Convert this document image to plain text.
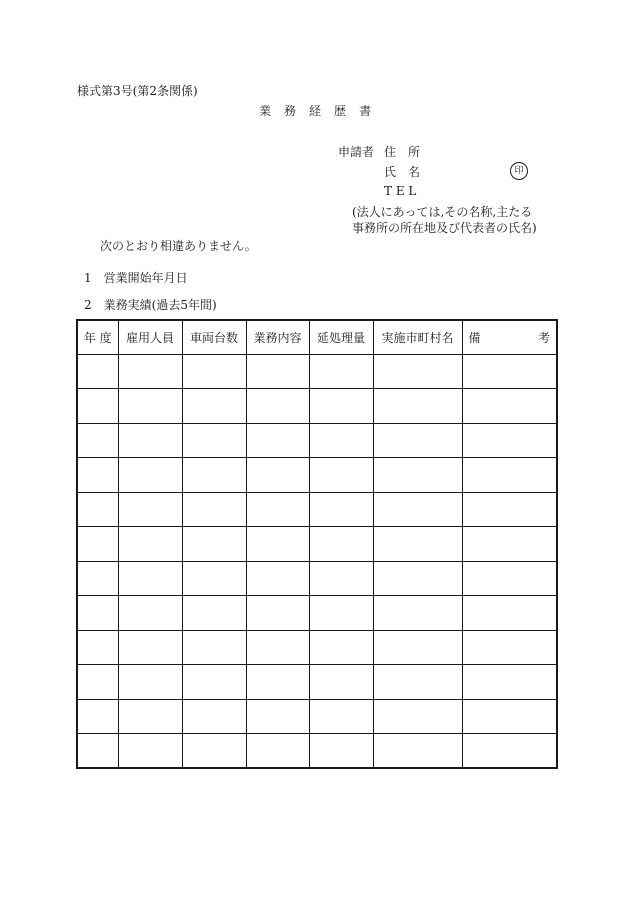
様式第3号(第2条関係)
業 務 経 歴 書
申請者 住　所
氏　名	印
T E L
(法人にあっては,その名称,主たる
事務所の所在地及び代表者の氏名)
次のとおり相違ありません。
1　営業開始年月日
2　業務実績(過去5年間)
年 度	雇用人員	車両台数	業務内容	延処理量	実施市町村名	備 考
